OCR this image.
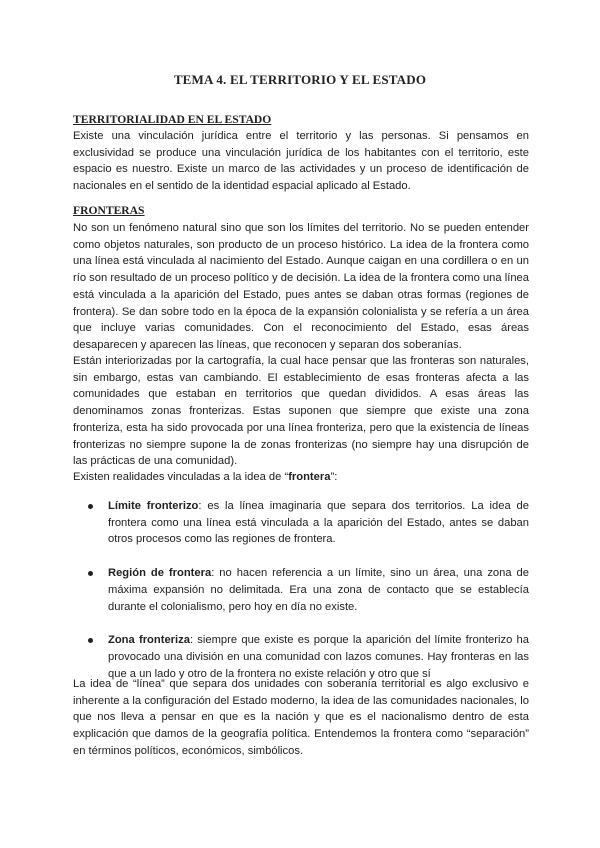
TEMA 4. EL TERRITORIO Y EL ESTADO
TERRITORIALIDAD EN EL ESTADO

Existe una vinculación jurídica entre el territorio y las personas. Si pensamos en exclusividad se produce una vinculación jurídica de los habitantes con el territorio, este espacio es nuestro. Existe un marco de las actividades y un proceso de identificación de nacionales en el sentido de la identidad espacial aplicado al Estado.

FRONTERAS

No son un fenómeno natural sino que son los límites del territorio. No se pueden entender como objetos naturales, son producto de un proceso histórico. La idea de la frontera como una línea está vinculada al nacimiento del Estado. Aunque caigan en una cordillera o en un río son resultado de un proceso político y de decisión. La idea de la frontera como una línea está vinculada a la aparición del Estado, pues antes se daban otras formas (regiones de frontera). Se dan sobre todo en la época de la expansión colonialista y se refería a un área que incluye varias comunidades. Con el reconocimiento del Estado, esas áreas desaparecen y aparecen las líneas, que reconocen y separan dos soberanías.

Están interiorizadas por la cartografía, la cual hace pensar que las fronteras son naturales, sin embargo, estas van cambiando. El establecimiento de esas fronteras afecta a las comunidades que estaban en territorios que quedan divididos. A esas áreas las denominamos zonas fronterizas. Estas suponen que siempre que existe una zona fronteriza, esta ha sido provocada por una línea fronteriza, pero que la existencia de líneas fronterizas no siempre supone la de zonas fronterizas (no siempre hay una disrupción de las prácticas de una comunidad).

Existen realidades vinculadas a la idea de “frontera”:

Límite fronterizo: es la línea imaginaria que separa dos territorios. La idea de frontera como una línea está vinculada a la aparición del Estado, antes se daban otros procesos como las regiones de frontera.
Región de frontera: no hacen referencia a un límite, sino un área, una zona de máxima expansión no delimitada. Era una zona de contacto que se establecía durante el colonialismo, pero hoy en día no existe.
Zona fronteriza: siempre que existe es porque la aparición del límite fronterizo ha provocado una división en una comunidad con lazos comunes. Hay fronteras en las que a un lado y otro de la frontera no existe relación y otro que sí

La idea de “línea” que separa dos unidades con soberanía territorial es algo exclusivo e inherente a la configuración del Estado moderno, la idea de las comunidades nacionales, lo que nos lleva a pensar en que es la nación y que es el nacionalismo dentro de esta explicación que damos de la geografía política. Entendemos la frontera como “separación” en términos políticos, económicos, simbólicos.
